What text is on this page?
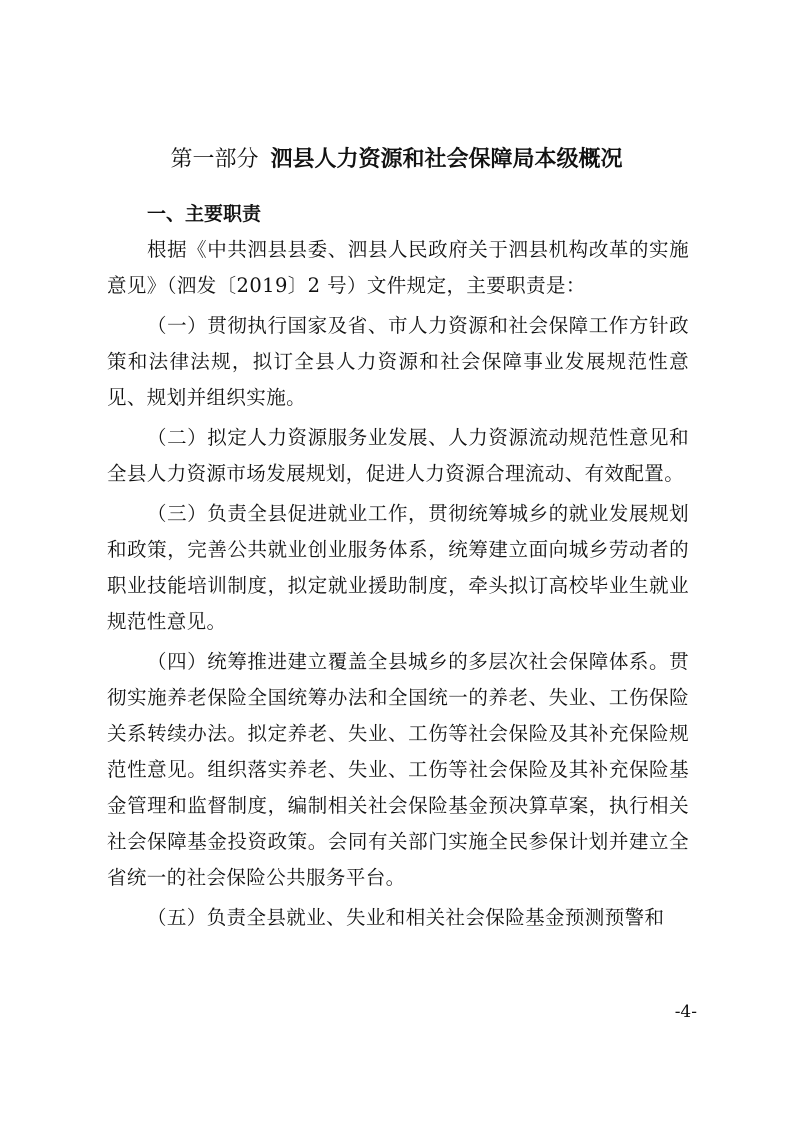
第一部分 泗县人力资源和社会保障局本级概况

一、主要职责

根据《中共泗县县委、泗县人民政府关于泗县机构改革的实施意见》（泗发〔2019〕2 号）文件规定，主要职责是：

（一）贯彻执行国家及省、市人力资源和社会保障工作方针政策和法律法规，拟订全县人力资源和社会保障事业发展规范性意见、规划并组织实施。

（二）拟定人力资源服务业发展、人力资源流动规范性意见和全县人力资源市场发展规划，促进人力资源合理流动、有效配置。

（三）负责全县促进就业工作，贯彻统筹城乡的就业发展规划和政策，完善公共就业创业服务体系，统筹建立面向城乡劳动者的职业技能培训制度，拟定就业援助制度，牵头拟订高校毕业生就业规范性意见。

（四）统筹推进建立覆盖全县城乡的多层次社会保障体系。贯彻实施养老保险全国统筹办法和全国统一的养老、失业、工伤保险关系转续办法。拟定养老、失业、工伤等社会保险及其补充保险规范性意见。组织落实养老、失业、工伤等社会保险及其补充保险基金管理和监督制度，编制相关社会保险基金预决算草案，执行相关社会保障基金投资政策。会同有关部门实施全民参保计划并建立全省统一的社会保险公共服务平台。

（五）负责全县就业、失业和相关社会保险基金预测预警和

-4-
